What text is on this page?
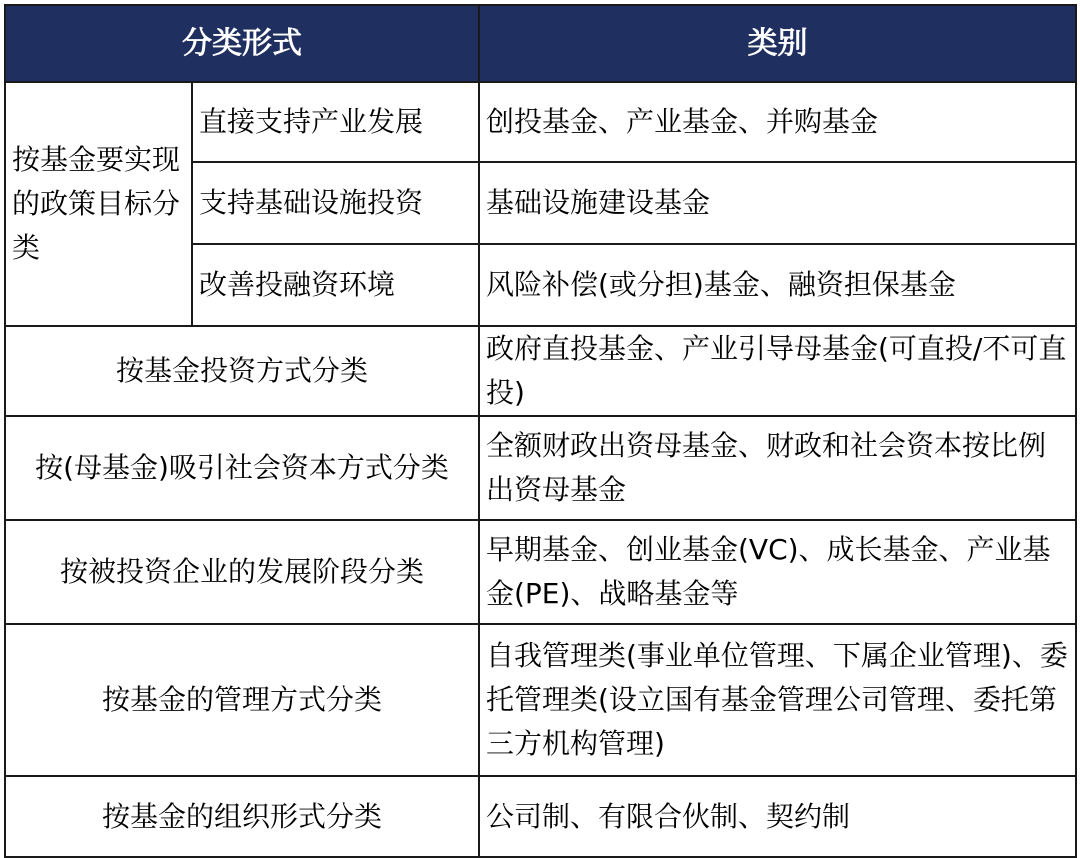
分类形式		类别
按基金要实现的政策目标分类	直接支持产业发展	创投基金、产业基金、并购基金
	支持基础设施投资	基础设施建设基金
	改善投融资环境	风险补偿(或分担)基金、融资担保基金
按基金投资方式分类		政府直投基金、产业引导母基金(可直投/不可直投)
按(母基金)吸引社会资本方式分类		全额财政出资母基金、财政和社会资本按比例出资母基金
按被投资企业的发展阶段分类		早期基金、创业基金(VC)、成长基金、产业基金(PE)、战略基金等
按基金的管理方式分类		自我管理类(事业单位管理、下属企业管理)、委托管理类(设立国有基金管理公司管理、委托第三方机构管理)
按基金的组织形式分类		公司制、有限合伙制、契约制
